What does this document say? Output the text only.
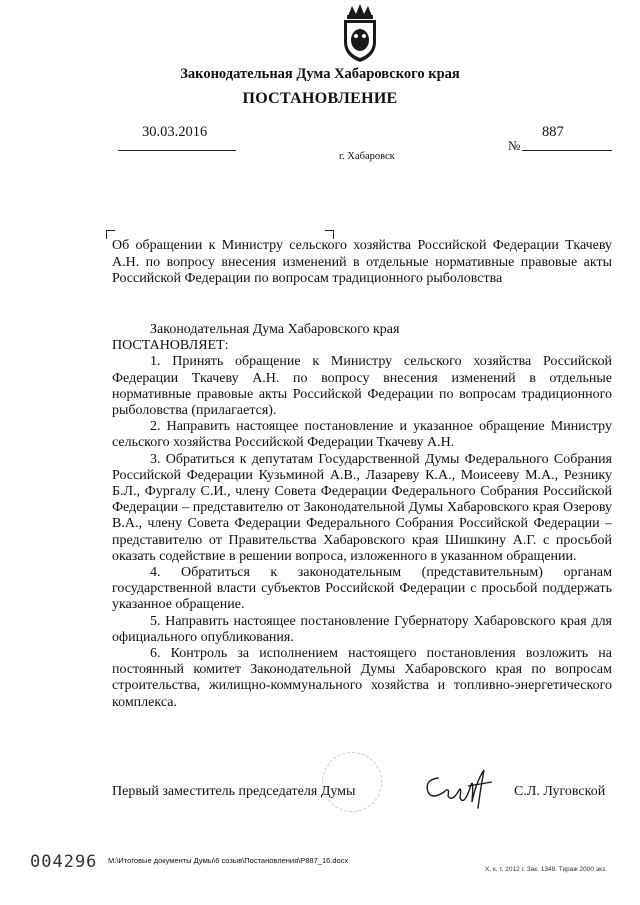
Законодательная Дума Хабаровского края
ПОСТАНОВЛЕНИЕ
30.03.2016	887
№
г. Хабаровск
Об обращении к Министру сельского хозяйства Российской Федерации Ткачеву А.Н. по вопросу внесения изменений в отдельные нормативные правовые акты Российской Федерации по вопросам традиционного рыболовства

Законодательная Дума Хабаровского края

ПОСТАНОВЛЯЕТ:

1. Принять обращение к Министру сельского хозяйства Российской Федерации Ткачеву А.Н. по вопросу внесения изменений в отдельные нормативные правовые акты Российской Федерации по вопросам традиционного рыболовства (прилагается).

2. Направить настоящее постановление и указанное обращение Министру сельского хозяйства Российской Федерации Ткачеву А.Н.

3. Обратиться к депутатам Государственной Думы Федерального Собрания Российской Федерации Кузьминой А.В., Лазареву К.А., Моисееву М.А., Резнику Б.Л., Фургалу С.И., члену Совета Федерации Федерального Собрания Российской Федерации – представителю от Законодательной Думы Хабаровского края Озерову В.А., члену Совета Федерации Федерального Собрания Российской Федерации – представителю от Правительства Хабаровского края Шишкину А.Г. с просьбой оказать содействие в решении вопроса, изложенного в указанном обращении.

4. Обратиться к законодательным (представительным) органам государственной власти субъектов Российской Федерации с просьбой поддержать указанное обращение.

5. Направить настоящее постановление Губернатору Хабаровского края для официального опубликования.

6. Контроль за исполнением настоящего постановления возложить на постоянный комитет Законодательной Думы Хабаровского края по вопросам строительства, жилищно-коммунального хозяйства и топливно-энергетического комплекса.

Первый заместитель председателя Думы	С.Л. Луговской
004296 М:\Итоговые документы Думы\6 созыв\Постановления\P887_16.docx
Х. к. т. 2012 г. Зак. 1348. Тираж 2000 экз.
